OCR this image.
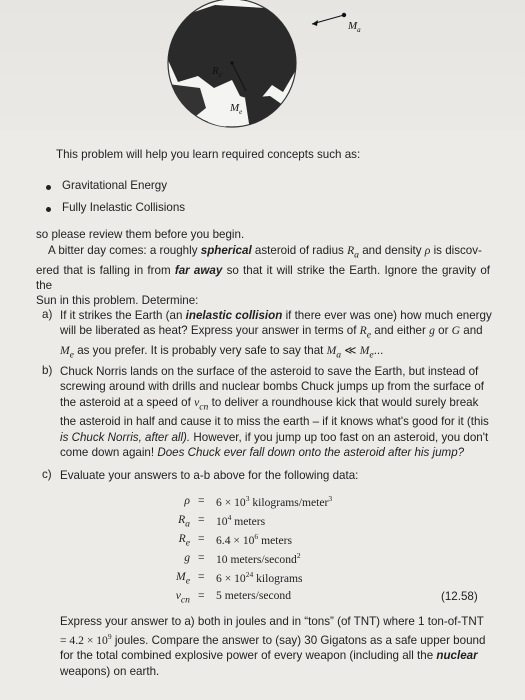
$M_a$
$R_e$
$M_e$
This problem will help you learn required concepts such as:
Gravitational Energy
Fully Inelastic Collisions
so please review them before you begin.
A bitter day comes: a roughly spherical asteroid of radius $R_a$ and density ρ is discov-
ered that is falling in from far away so that it will strike the Earth. Ignore the gravity of the
Sun in this problem. Determine:
a) If it strikes the Earth (an inelastic collision if there ever was one) how much energy
will be liberated as heat? Express your answer in terms of $R_e$ and either g or G and
$M_e$ as you prefer. It is probably very safe to say that $M_a$ ≪ $M_e$...
b) Chuck Norris lands on the surface of the asteroid to save the Earth, but instead of
screwing around with drills and nuclear bombs Chuck jumps up from the surface of
the asteroid at a speed of $v_{cn}$ to deliver a roundhouse kick that would surely break
the asteroid in half and cause it to miss the earth – if it knows what's good for it (this
is Chuck Norris, after all). However, if you jump up too fast on an asteroid, you don't
come down again! Does Chuck ever fall down onto the asteroid after his jump?
c) Evaluate your answers to a-b above for the following data:
$\rho = 6 \times 10^3$ kilograms/meter$^3$
$R_a = 10^4$ meters
$R_e = 6.4 \times 10^6$ meters
g = 10 meters/second$^2$
$M_e = 6 \times 10^{24}$ kilograms
$v_{cn} = 5$ meters/second	(12.58)
Express your answer to a) both in joules and in “tons” (of TNT) where 1 ton-of-TNT
= $4.2 \times 10^9$ joules. Compare the answer to (say) 30 Gigatons as a safe upper bound
for the total combined explosive power of every weapon (including all the nuclear
weapons) on earth.
